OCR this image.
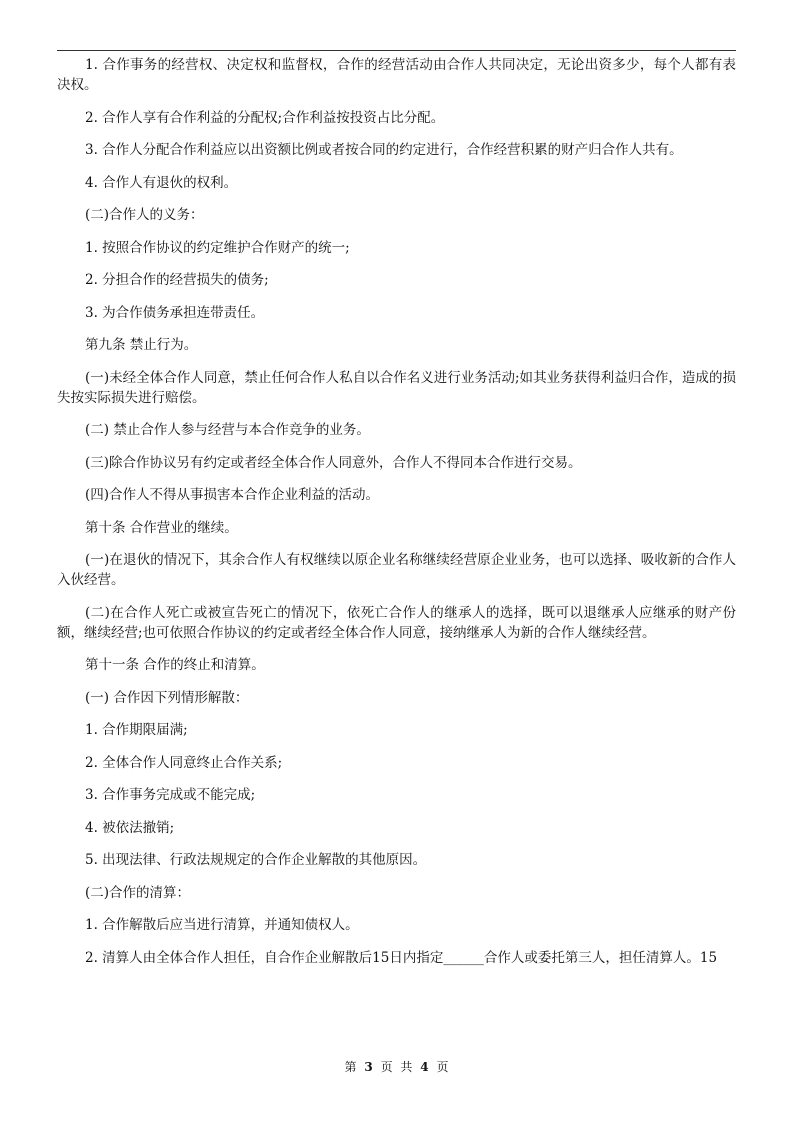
1. 合作事务的经营权、决定权和监督权，合作的经营活动由合作人共同决定，无论出资多少，每个人都有表决权。

2. 合作人享有合作利益的分配权;合作利益按投资占比分配。

3. 合作人分配合作利益应以出资额比例或者按合同的约定进行，合作经营积累的财产归合作人共有。

4. 合作人有退伙的权利。

(二)合作人的义务：

1. 按照合作协议的约定维护合作财产的统一;

2. 分担合作的经营损失的债务;

3. 为合作债务承担连带责任。

第九条 禁止行为。

(一)未经全体合作人同意，禁止任何合作人私自以合作名义进行业务活动;如其业务获得利益归合作，造成的损失按实际损失进行赔偿。

(二) 禁止合作人参与经营与本合作竞争的业务。

(三)除合作协议另有约定或者经全体合作人同意外，合作人不得同本合作进行交易。

(四)合作人不得从事损害本合作企业利益的活动。

第十条 合作营业的继续。

(一)在退伙的情况下，其余合作人有权继续以原企业名称继续经营原企业业务，也可以选择、吸收新的合作人入伙经营。

(二)在合作人死亡或被宣告死亡的情况下，依死亡合作人的继承人的选择，既可以退继承人应继承的财产份额，继续经营;也可依照合作协议的约定或者经全体合作人同意，接纳继承人为新的合作人继续经营。

第十一条 合作的终止和清算。

(一) 合作因下列情形解散：

1. 合作期限届满;

2. 全体合作人同意终止合作关系;

3. 合作事务完成或不能完成;

4. 被依法撤销;

5. 出现法律、行政法规规定的合作企业解散的其他原因。

(二)合作的清算：

1. 合作解散后应当进行清算，并通知债权人。

2. 清算人由全体合作人担任，自合作企业解散后15日内指定______合作人或委托第三人，担任清算人。15

第 3 页 共 4 页
